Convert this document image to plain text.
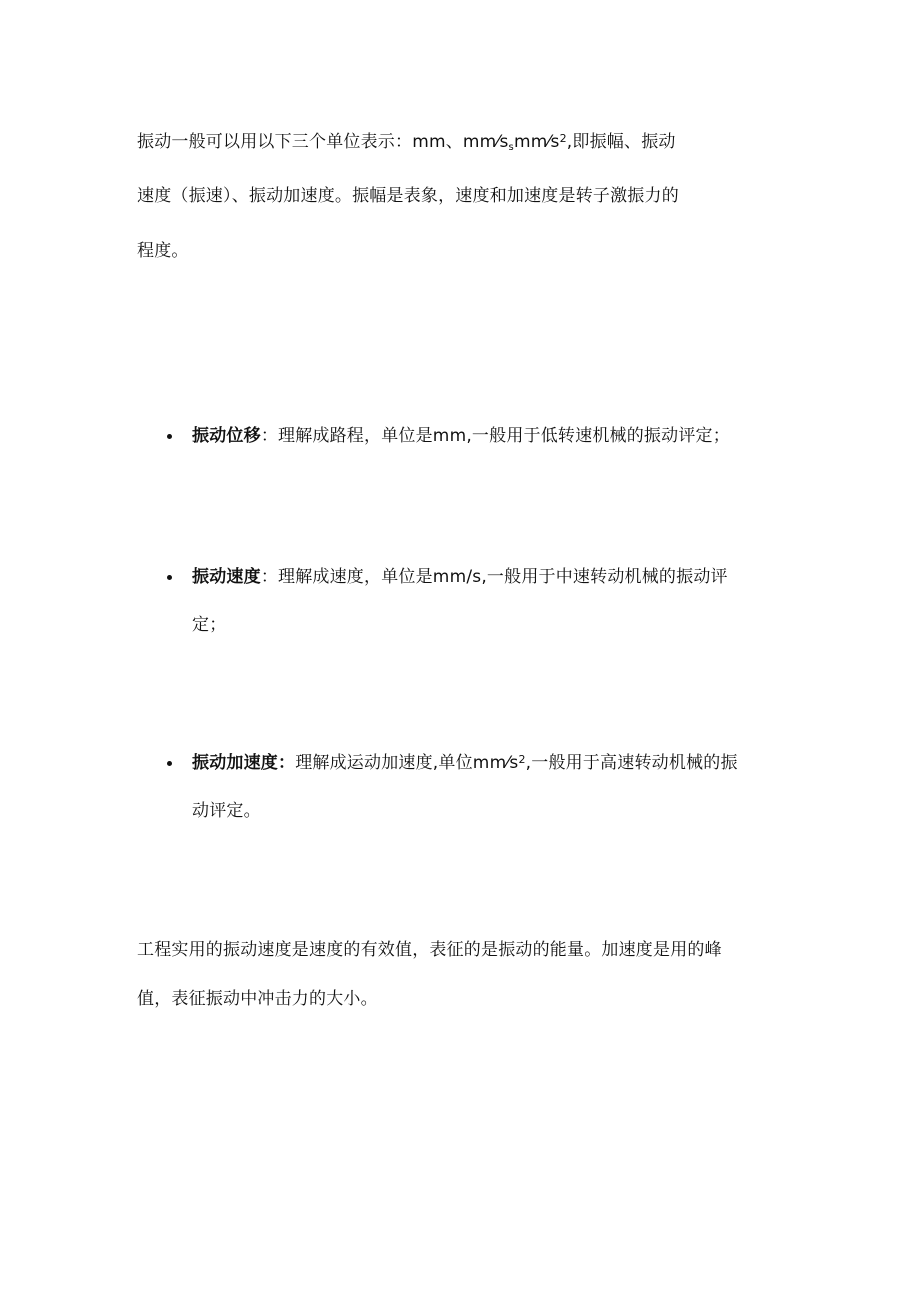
振动一般可以用以下三个单位表示：mm、$mm⁄s_smm⁄s^2$,即振幅、振动
速度（振速）、振动加速度。振幅是表象，速度和加速度是转子激振力的
程度。
振动位移：理解成路程，单位是mm,一般用于低转速机械的振动评定；
振动速度：理解成速度，单位是mm/s,一般用于中速转动机械的振动评
定；
振动加速度：理解成运动加速度,单位$mm⁄s^2$,一般用于高速转动机械的振
动评定。
工程实用的振动速度是速度的有效值，表征的是振动的能量。加速度是用的峰
值，表征振动中冲击力的大小。
